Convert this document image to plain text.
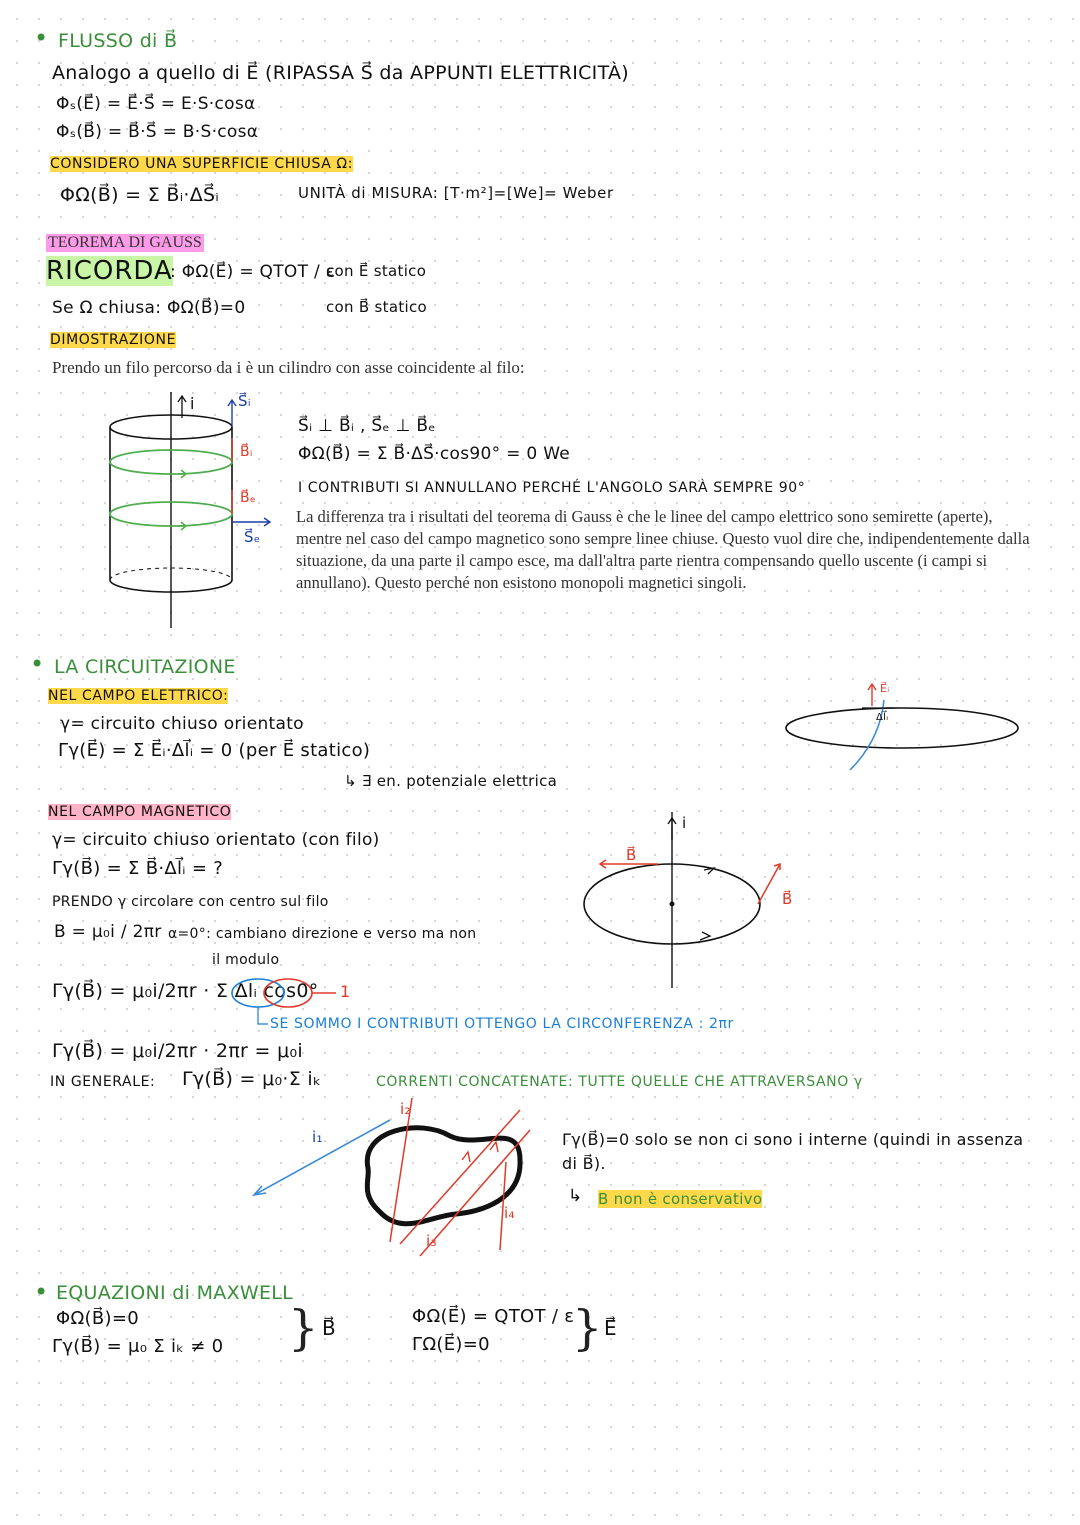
• FLUSSO di B⃗
Analogo a quello di E⃗ (RIPASSA S⃗ da APPUNTI ELETTRICITÀ)
Φₛ(E⃗) = E⃗·S⃗ = E·S·cosα
Φₛ(B⃗) = B⃗·S⃗ = B·S·cosα
CONSIDERO UNA SUPERFICIE CHIUSA Ω:
ΦΩ(B⃗) = Σ B⃗ᵢ·ΔS⃗ᵢ	UNITÀ di MISURA: [T·m²]=[We]= Weber
TEOREMA DI GAUSS
RICORDA
: ΦΩ(E⃗) = QTOT / ε
con E⃗ statico
Se Ω chiusa: ΦΩ(B⃗)=0	con B⃗ statico
DIMOSTRAZIONE
Prendo un filo percorso da i è un cilindro con asse coincidente al filo:
i	S⃗ᵢ
B⃗ᵢ
B⃗ₑ
S⃗ₑ
S⃗ᵢ ⊥ B⃗ᵢ , S⃗ₑ ⊥ B⃗ₑ
ΦΩ(B⃗) = Σ B⃗·ΔS⃗·cos90° = 0 We
I CONTRIBUTI SI ANNULLANO PERCHÉ L'ANGOLO SARÀ SEMPRE 90°
La differenza tra i risultati del teorema di Gauss è che le linee del campo elettrico sono semirette (aperte), mentre nel caso del campo magnetico sono sempre linee chiuse. Questo vuol dire che, indipendentemente dalla situazione, da una parte il campo esce, ma dall'altra parte rientra compensando quello uscente (i campi si annullano). Questo perché non esistono monopoli magnetici singoli.
• LA CIRCUITAZIONE
NEL CAMPO ELETTRICO:
γ= circuito chiuso orientato
Γγ(E⃗) = Σ E⃗ᵢ·Δl⃗ᵢ = 0 (per E⃗ statico)
↳ ∃ en. potenziale elettrica
E⃗ᵢ
Δl⃗ᵢ
NEL CAMPO MAGNETICO
γ= circuito chiuso orientato (con filo)
Γγ(B⃗) = Σ B⃗·Δl⃗ᵢ = ?
PRENDO γ circolare con centro sul filo
B = μ₀i / 2πr α=0°: cambiano direzione e verso ma non
il modulo
Γγ(B⃗) = μ₀i/2πr · Σ Δlᵢ cos0° 1
SE SOMMO I CONTRIBUTI OTTENGO LA CIRCONFERENZA : 2πr
Γγ(B⃗) = μ₀i/2πr · 2πr = μ₀i
IN GENERALE: Γγ(B⃗) = μ₀·Σ iₖ	CORRENTI CONCATENATE: TUTTE QUELLE CHE ATTRAVERSANO γ
i
B⃗
B⃗
i₁
i₂
i₃
i₄
Γγ(B⃗)=0 solo se non ci sono i interne (quindi in assenza di B⃗).
↳ B non è conservativo
• EQUAZIONI di MAXWELL
ΦΩ(B⃗)=0
Γγ(B⃗) = μ₀ Σ iₖ ≠ 0 } B⃗	ΦΩ(E⃗) = QTOT / ε
ΓΩ(E⃗)=0 } E⃗
